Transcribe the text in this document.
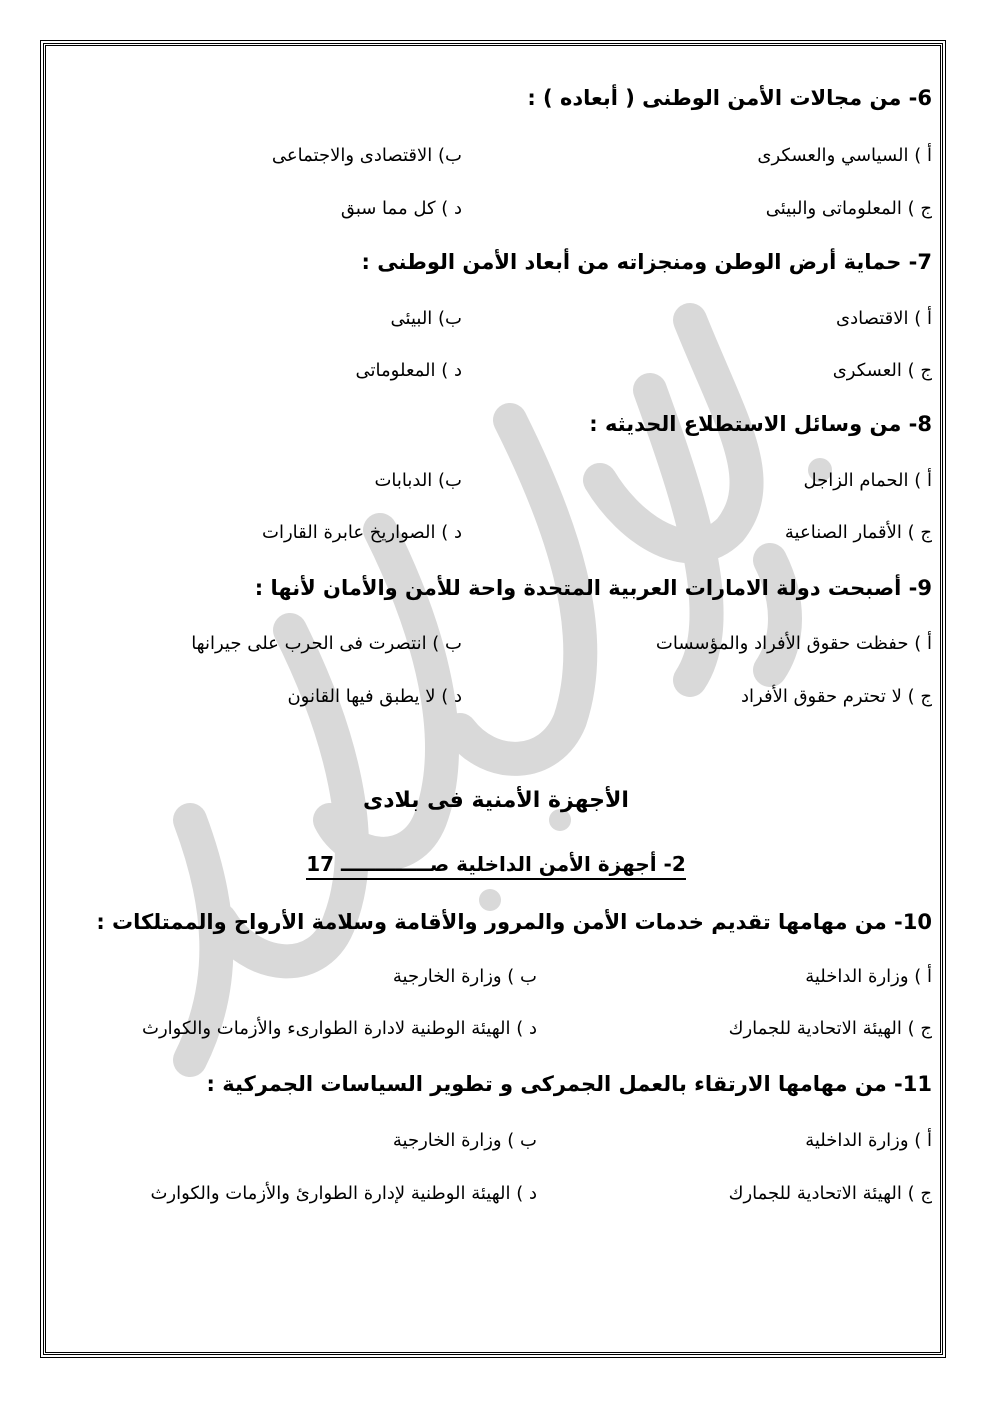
6- من مجالات الأمن الوطنى ( أبعاده ) :
أ ) السياسي والعسكرى
ب) الاقتصادى والاجتماعى
ج ) المعلوماتى والبيئى
د ) كل مما سبق
7- حماية أرض الوطن ومنجزاته من أبعاد الأمن الوطنى :
أ ) الاقتصادى
ب) البيئى
ج ) العسكرى
د ) المعلوماتى
8- من وسائل الاستطلاع الحديثه :
أ ) الحمام الزاجل
ب) الدبابات
ج ) الأقمار الصناعية
د ) الصواريخ عابرة القارات
9- أصبحت دولة الامارات العربية المتحدة واحة للأمن والأمان لأنها :
أ ) حفظت حقوق الأفراد والمؤسسات
ب ) انتصرت فى الحرب على جيرانها
ج ) لا تحترم حقوق الأفراد
د ) لا يطبق فيها القانون
الأجهزة الأمنية فى بلادى
2- أجهزة الأمن الداخلية صـــــــــــــ 17
10- من مهامها تقديم خدمات الأمن والمرور والأقامة وسلامة الأرواح والممتلكات :
أ ) وزارة الداخلية
ب ) وزارة الخارجية
ج ) الهيئة الاتحادية للجمارك
د ) الهيئة الوطنية لادارة الطوارىء والأزمات والكوارث
11- من مهامها الارتقاء بالعمل الجمركى و تطوير السياسات الجمركية :
أ ) وزارة الداخلية
ب ) وزارة الخارجية
ج ) الهيئة الاتحادية للجمارك
د ) الهيئة الوطنية لإدارة الطوارئ والأزمات والكوارث
